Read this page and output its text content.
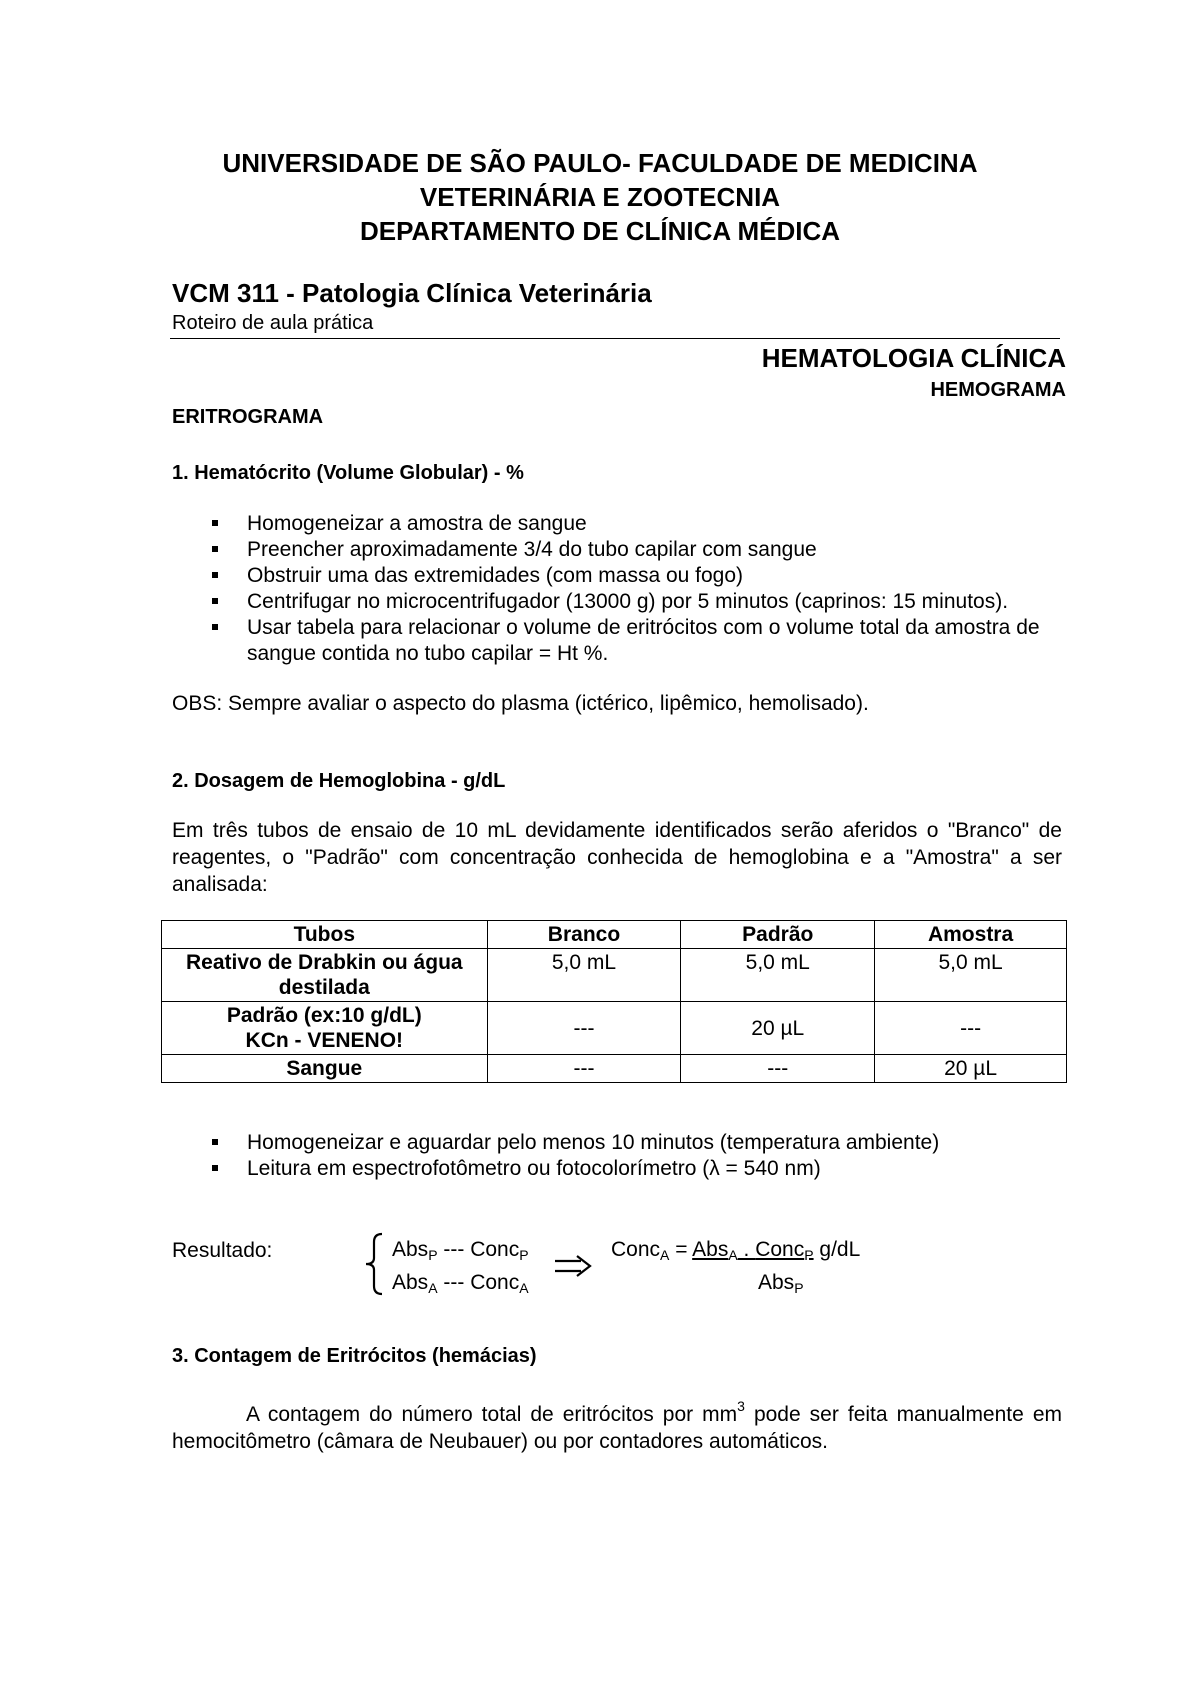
UNIVERSIDADE DE SÃO PAULO- FACULDADE DE MEDICINA
VETERINÁRIA E ZOOTECNIA
DEPARTAMENTO DE CLÍNICA MÉDICA
VCM 311 - Patologia Clínica Veterinária
Roteiro de aula prática
HEMATOLOGIA CLÍNICA
HEMOGRAMA
ERITROGRAMA
1. Hematócrito (Volume Globular) - %
Homogeneizar a amostra de sangue
Preencher aproximadamente 3/4 do tubo capilar com sangue
Obstruir uma das extremidades (com massa ou fogo)
Centrifugar no microcentrifugador (13000 g) por 5 minutos (caprinos: 15 minutos).
Usar tabela para relacionar o volume de eritrócitos com o volume total da amostra de sangue contida no tubo capilar = Ht %.
OBS: Sempre avaliar o aspecto do plasma (ictérico, lipêmico, hemolisado).
2. Dosagem de Hemoglobina - g/dL
Em três tubos de ensaio de 10 mL devidamente identificados serão aferidos o "Branco" de reagentes, o "Padrão" com concentração conhecida de hemoglobina e a "Amostra" a ser analisada:
Tubos	Branco	Padrão	Amostra
Reativo de Drabkin ou água destilada	5,0 mL	5,0 mL	5,0 mL

Padrão (ex:10 g/dL)
KCn - VENENO!	---	20 µL	---
Sangue	---	---	20 µL
Homogeneizar e aguardar pelo menos 10 minutos (temperatura ambiente)
Leitura em espectrofotômetro ou fotocolorímetro (λ = 540 nm)
Resultado:	Abs$_P$ --- Conc$_P$
Abs$_A$ --- Conc$_A$
Conc$_A$ = Abs$_A$ . Conc$_P$ g/dL
Abs$_P$
3. Contagem de Eritrócitos (hemácias)
A contagem do número total de eritrócitos por $mm^3$ pode ser feita manualmente em hemocitômetro (câmara de Neubauer) ou por contadores automáticos.
